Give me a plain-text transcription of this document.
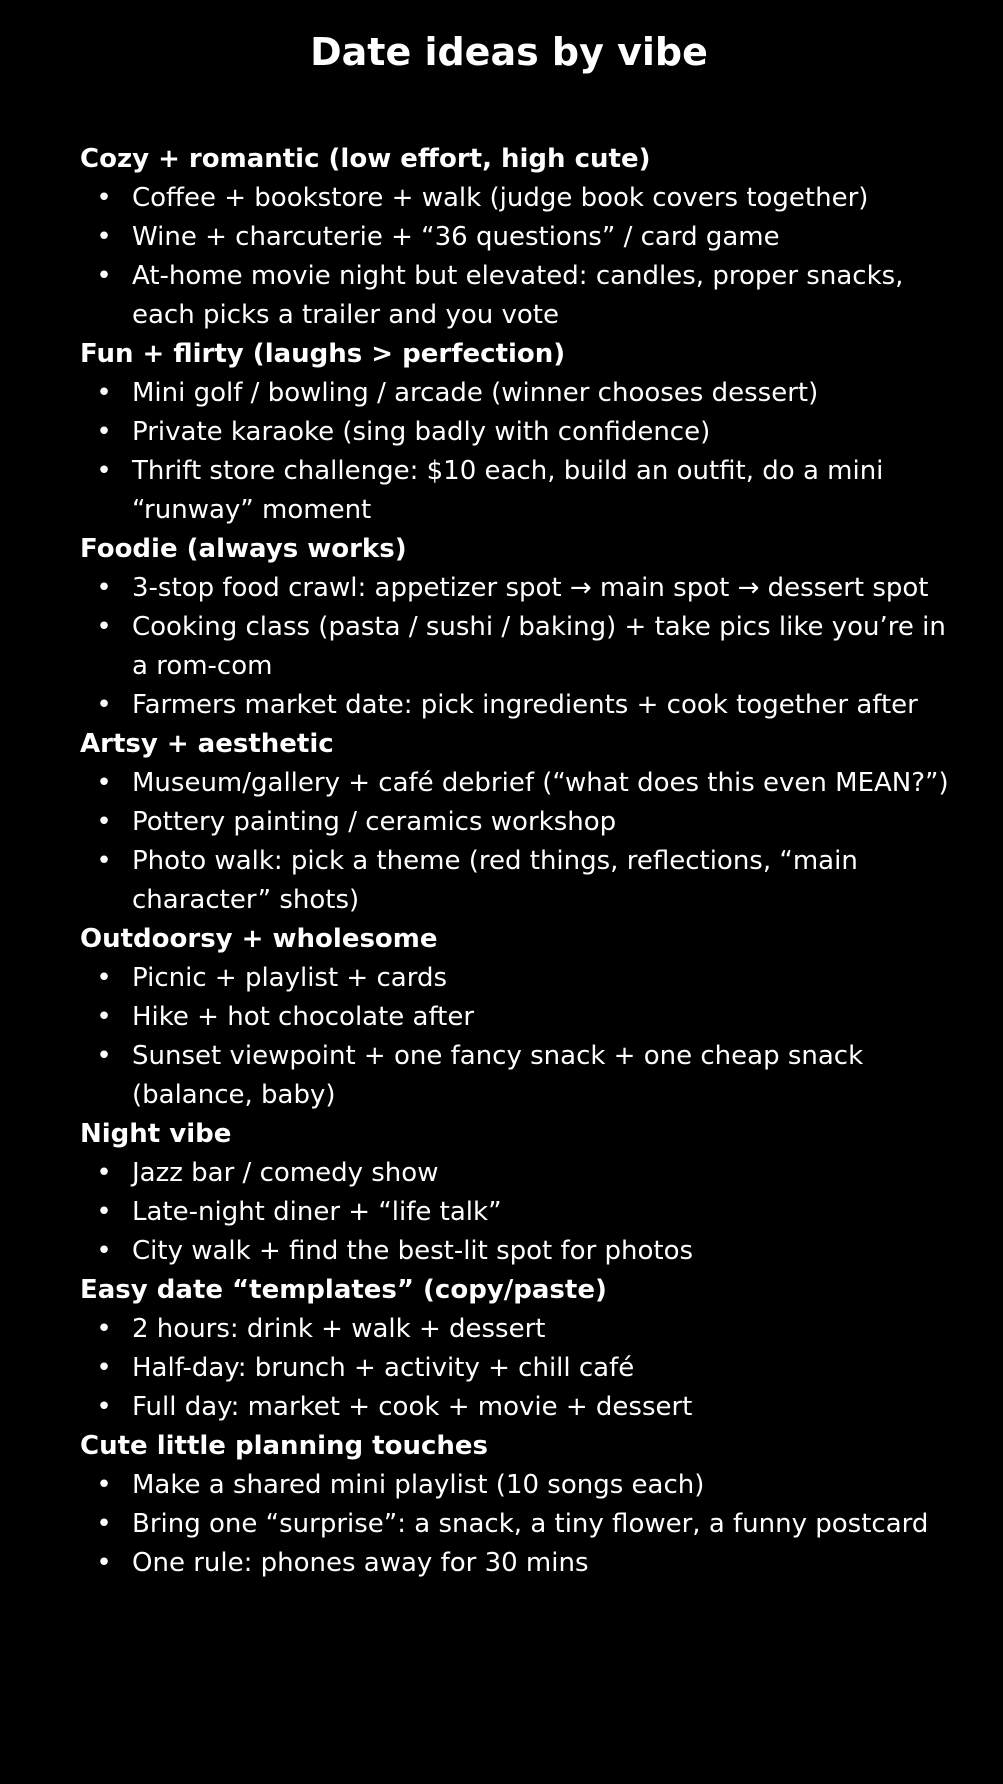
Date ideas by vibe

Cozy + romantic (low effort, high cute)

• Coffee + bookstore + walk (judge book covers together)
• Wine + charcuterie + “36 questions” / card game
• At-home movie night but elevated: candles, proper snacks, each picks a trailer and you vote

Fun + flirty (laughs > perfection)

• Mini golf / bowling / arcade (winner chooses dessert)
• Private karaoke (sing badly with confidence)
• Thrift store challenge: $10 each, build an outfit, do a mini “runway” moment

Foodie (always works)

• 3-stop food crawl: appetizer spot → main spot → dessert spot
• Cooking class (pasta / sushi / baking) + take pics like you’re in a rom-com
• Farmers market date: pick ingredients + cook together after

Artsy + aesthetic

• Museum/gallery + café debrief (“what does this even MEAN?”)
• Pottery painting / ceramics workshop
• Photo walk: pick a theme (red things, reflections, “main character” shots)

Outdoorsy + wholesome

• Picnic + playlist + cards
• Hike + hot chocolate after
• Sunset viewpoint + one fancy snack + one cheap snack (balance, baby)

Night vibe

• Jazz bar / comedy show
• Late-night diner + “life talk”
• City walk + find the best-lit spot for photos

Easy date “templates” (copy/paste)

• 2 hours: drink + walk + dessert
• Half-day: brunch + activity + chill café
• Full day: market + cook + movie + dessert

Cute little planning touches

• Make a shared mini playlist (10 songs each)
• Bring one “surprise”: a snack, a tiny flower, a funny postcard
• One rule: phones away for 30 mins
